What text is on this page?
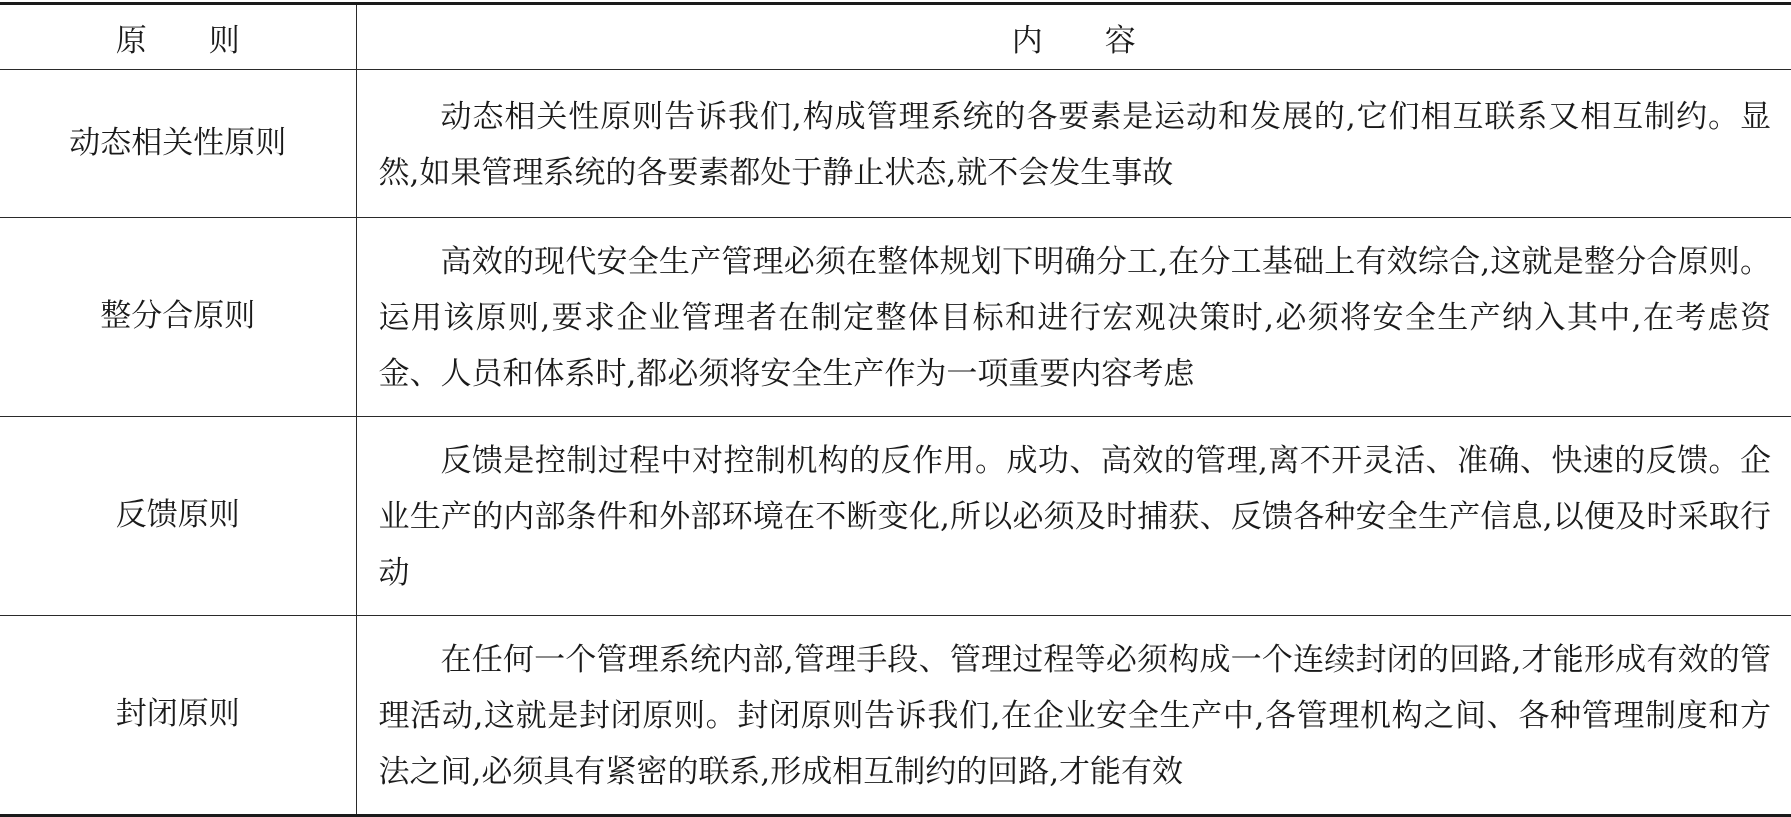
原 则	内 容
动态相关性原则	动态相关性原则告诉我们,构成管理系统的各要素是运动和发展的,它们相互联系又相互制约。显然,如果管理系统的各要素都处于静止状态,就不会发生事故
整分合原则	高效的现代安全生产管理必须在整体规划下明确分工,在分工基础上有效综合,这就是整分合原则。运用该原则,要求企业管理者在制定整体目标和进行宏观决策时,必须将安全生产纳入其中,在考虑资金、人员和体系时,都必须将安全生产作为一项重要内容考虑
反馈原则	反馈是控制过程中对控制机构的反作用。成功、高效的管理,离不开灵活、准确、快速的反馈。企业生产的内部条件和外部环境在不断变化,所以必须及时捕获、反馈各种安全生产信息,以便及时采取行动
封闭原则	在任何一个管理系统内部,管理手段、管理过程等必须构成一个连续封闭的回路,才能形成有效的管理活动,这就是封闭原则。封闭原则告诉我们,在企业安全生产中,各管理机构之间、各种管理制度和方法之间,必须具有紧密的联系,形成相互制约的回路,才能有效
